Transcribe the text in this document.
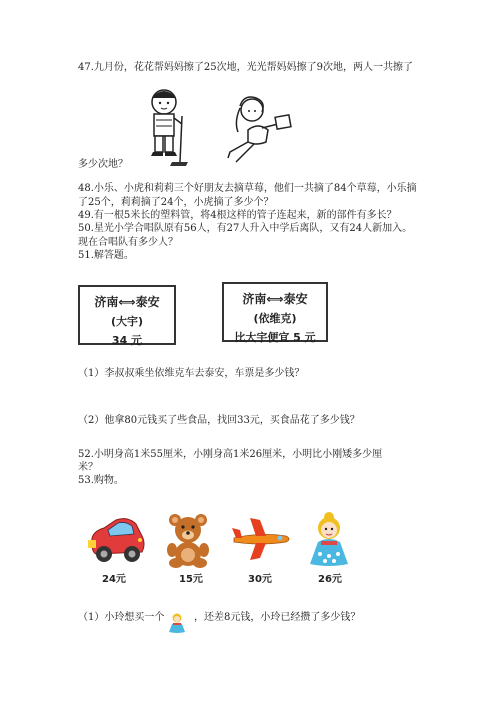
47.九月份，花花帮妈妈擦了25次地，光光帮妈妈擦了9次地，两人一共擦了
多少次地？
48.小乐、小虎和莉莉三个好朋友去摘草莓，他们一共摘了84个草莓，小乐摘
了25个，莉莉摘了24个，小虎摘了多少个？
49.有一根5米长的塑料管，将4根这样的管子连起来，新的部件有多长？
50.星光小学合唱队原有56人，有27人升入中学后离队，又有24人新加入。
现在合唱队有多少人？
51.解答题。
济南⟺泰安
(大宇)
34 元
济南⟺泰安
(依维克)
比大宇便宜 5 元
（1）李叔叔乘坐依维克车去泰安，车票是多少钱？
（2）他拿80元钱买了些食品，找回33元，买食品花了多少钱？
52.小明身高1米55厘米，小刚身高1米26厘米，小明比小刚矮多少厘
米？
53.购物。
24元	15元	30元	26元
（1）小玲想买一个	，还差8元钱，小玲已经攒了多少钱？
